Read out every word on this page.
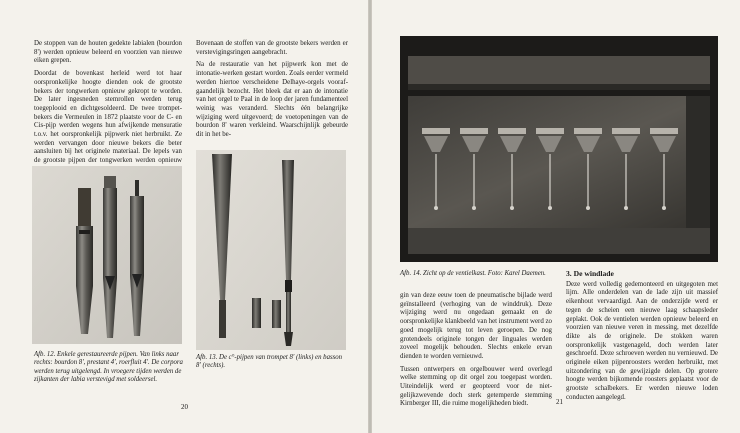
De stoppen van de houten gedekte labialen (bourdon 8') werden opnieuw beleerd en voorzien van nieuwe eiken grepen.

Doordat de bovenkast herleid werd tot haar oorspronkelijke hoogte dienden ook de grootste bekers der tongwerken opnieuw gekropt te worden. De later ingesneden stemrollen werden terug toegeplooid en dichtgesoldeerd. De twee trompet-bekers die Vermeulen in 1872 plaatste voor de C- en Cis-pijp werden wegens hun afwijkende mensuratie t.o.v. het oorspronkelijk pijpwerk niet herbruikt. Ze werden vervangen door nieuwe bekers die beter aansluiten bij het originele materiaal. De lepels van de grootste pijpen der tongwerken werden opnieuw

Bovenaan de stoffen van de grootste bekers werden er verstevigingsringen aangebracht.

Na de restauratie van het pijpwerk kon met de intonatie-werken gestart worden. Zoals eerder vermeld werden hiertoe verscheidene Delhaye-orgels vooraf-gaandelijk bezocht. Het bleek dat er aan de intonatie van het orgel te Paal in de loop der jaren fundamenteel weinig was veranderd. Slechts één belangrijke wijziging werd uitgevoerd; de voetopeningen van de bourdon 8' waren verkleind. Waarschijnlijk gebeurde dit in het be-

Afb. 12. Enkele gerestaureerde pijpen. Van links naar rechts: bourdon 8', prestant 4', roerfluit 4'. De corpora werden terug uitgelengd. In vroegere tijden werden de zijkanten der labia verstevigd met soldeersel.
Afb. 13. De c°-pijpen van trompet 8' (links) en basson 8' (rechts).
20
Afb. 14. Zicht op de ventielkast. Foto: Karel Daemen.

gin van deze eeuw toen de pneumatische bijlade werd geïnstalleerd (verhoging van de winddruk). Deze wijziging werd nu ongedaan gemaakt en de oorspronkelijke klankbeeld van het instrument werd zo goed mogelijk terug tot leven geroepen. De nog grotendeels originele tongen der linguales werden zoveel mogelijk behouden. Slechts enkele ervan dienden te worden vernieuwd.

Tussen ontwerpers en orgelbouwer werd overlegd welke stemming op dit orgel zou toegepast worden. Uiteindelijk werd er geopteerd voor de niet-gelijkzwevende doch sterk getemperde stemming Kirnberger III, die ruime mogelijkheden biedt.

3. De windlade

Deze werd volledig gedemonteerd en uitgegoten met lijm. Alle onderdelen van de lade zijn uit massief eikenhout vervaardigd. Aan de onderzijde werd er tegen de scheien een nieuwe laag schaapsleder geplakt. Ook de ventielen werden opnieuw beleerd en voorzien van nieuwe veren in messing, met dezelfde dikte als de originele. De stokken waren oorspronkelijk vastgenageld, doch werden later geschroefd. Deze schroeven werden nu vernieuwd. De originele eiken pijpenroosters werden herbruikt, met uitzondering van de gewijzigde delen. Op grotere hoogte werden bijkomende roosters geplaatst voor de grootste schalbekers. Er werden nieuwe loden conducten aangelegd.

21
